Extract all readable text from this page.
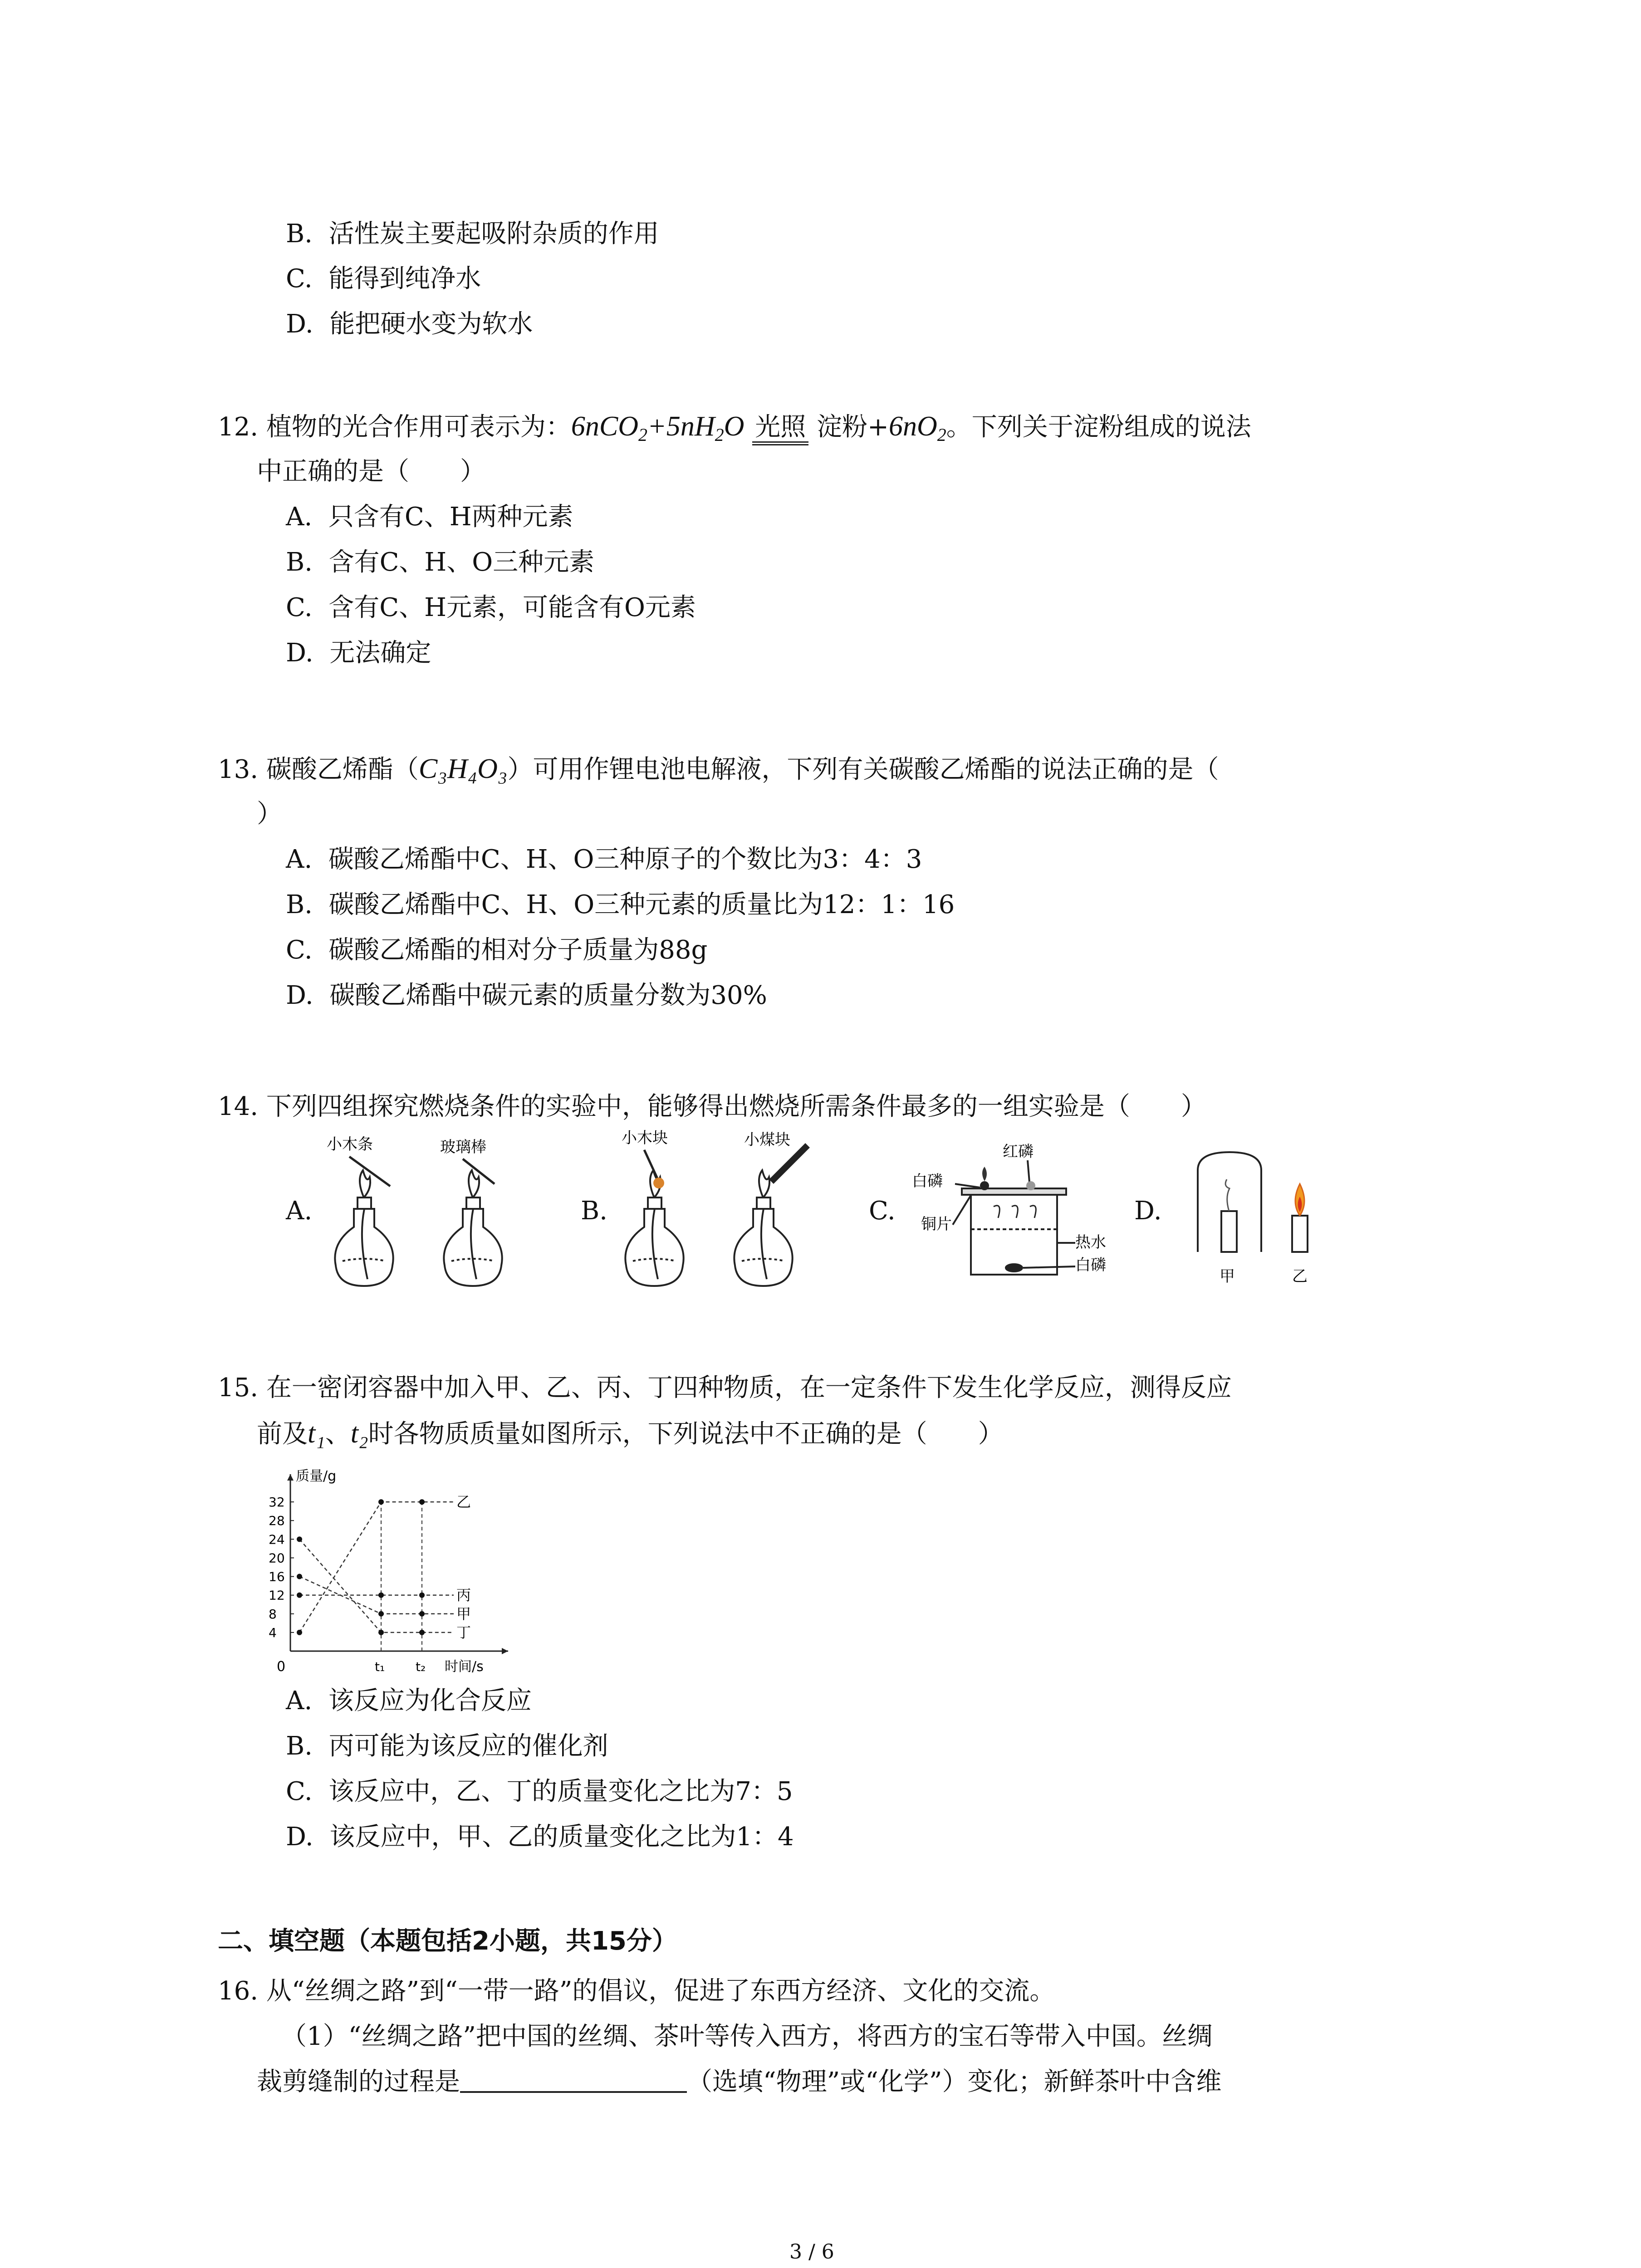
B. 活性炭主要起吸附杂质的作用
C. 能得到纯净水
D. 能把硬水变为软水
12. 植物的光合作用可表示为：$6nCO_2+5nH_2O$ 光照 淀粉$+6nO_2$。下列关于淀粉组成的说法
中正确的是（　　）
A. 只含有C、H两种元素
B. 含有C、H、O三种元素
C. 含有C、H元素，可能含有O元素
D. 无法确定
13. 碳酸乙烯酯（C₃H₄O₃）可用作锂电池电解液，下列有关碳酸乙烯酯的说法正确的是（
）
A. 碳酸乙烯酯中C、H、O三种原子的个数比为3：4：3
B. 碳酸乙烯酯中C、H、O三种元素的质量比为12：1：16
C. 碳酸乙烯酯的相对分子质量为88g
D. 碳酸乙烯酯中碳元素的质量分数为30%
14. 下列四组探究燃烧条件的实验中，能够得出燃烧所需条件最多的一组实验是（　　）
A.	B.	C.	D.
小木条	玻璃棒	小木块	小煤块
红磷
白磷
铜片
热水
白磷
甲	乙
15. 在一密闭容器中加入甲、乙、丙、丁四种物质，在一定条件下发生化学反应，测得反应
前及t₁、t₂时各物质质量如图所示，下列说法中不正确的是（　　）
质量/g
时间/s
0
4
8
12
16
20
24
28
32
t₁ t₂
乙
丙
甲
丁
A. 该反应为化合反应
B. 丙可能为该反应的催化剂
C. 该反应中，乙、丁的质量变化之比为7：5
D. 该反应中，甲、乙的质量变化之比为1：4
二、填空题（本题包括2小题，共15分）
16. 从“丝绸之路”到“一带一路”的倡议，促进了东西方经济、文化的交流。
（1）“丝绸之路”把中国的丝绸、茶叶等传入西方，将西方的宝石等带入中国。丝绸
裁剪缝制的过程是	（选填“物理”或“化学”）变化；新鲜茶叶中含维
3 / 6
